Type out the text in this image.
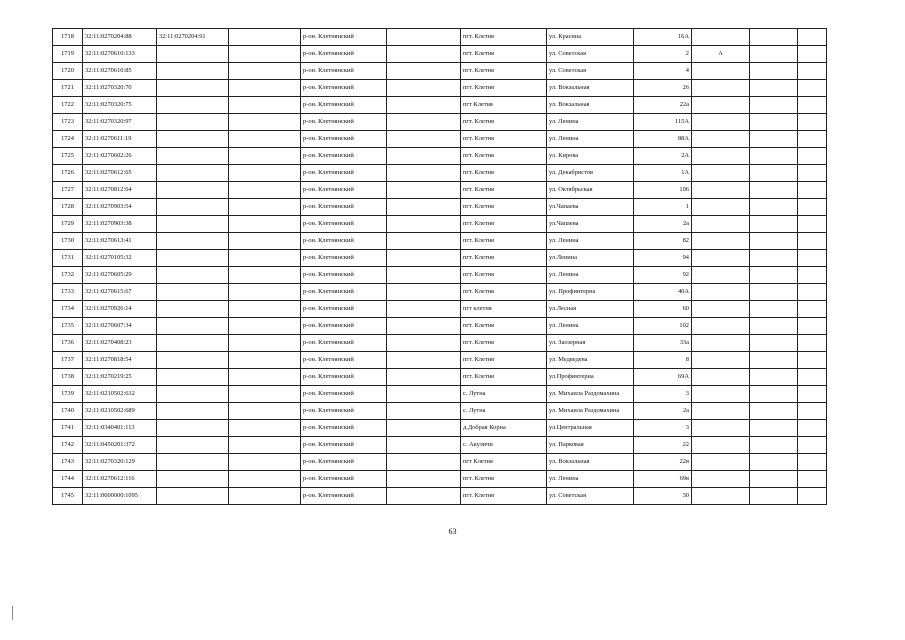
1718	32:11:0270204:88	32:11:0270204:91		р-он. Клетнянский		пгт. Клетня	ул. Красина	16А			
1719	32:11:0270610:133			р-он. Клетнянский		пгт. Клетня	ул. Советская	2	А		
1720	32:11:0270610:85			р-он. Клетнянский		пгт. Клетня	ул. Советская	4			
1721	32:11:0270320:70			р-он. Клетнянский		пгт. Клетня	ул. Вокзальная	26			
1722	32:11:0270320:75			р-он. Клетнянский		пгт Клетня	ул. Вокзальная	22а			
1723	32:11:0270320:97			р-он. Клетнянский		пгт. Клетня	ул. Ленина	115А			
1724	32:11:0270611:19			р-он. Клетнянский		пгт. Клетня	ул. Ленина	88А			
1725	32:11:0270602:26			р-он. Клетнянский		пгт. Клетня	ул. Кирова	2А			
1726	32:11:0270612:65			р-он. Клетнянский		пгт. Клетня	ул. Декабристов	1А			
1727	32:11:0270812:64			р-он. Клетнянский		пгт. Клетня	ул. Октябрьская	106			
1728	32:11:0270903:54			р-он. Клетнянский		пгт. Клетня	ул.Чапаева	1			
1729	32:11:0270903:38			р-он. Клетнянский		пгт. Клетня	ул.Чапаева	2а			
1730	32:11:0270613:41			р-он. Клетнянский		пгт. Клетня	ул. Ленина	82			
1731	32:11:0270105:32			р-он. Клетнянский		пгт. Клетня	ул.Ленина	94			
1732	32:11:0270605:29			р-он. Клетнянский		пгт. Клетня	ул. Ленина	92			
1733	32:11:0270615:67			р-он. Клетнянский		пгт. Клетня	ул. Профинтерна	40А			
1734	32:11:0270926:14			р-он. Клетнянский		пгт клетня	ул.Лесная	60			
1735	32:11:0270607:34			р-он. Клетнянский		пгт. Клетня	ул. Ленина	102			
1736	32:11:0270408:23			р-он. Клетнянский		пгт. Клетня	ул. Заозерная	33а			
1737	32:11:0270818:54			р-он. Клетнянский		пгт. Клетня	ул. Медведева	8			
1738	32:11:0270219:25			р-он. Клетнянский		пгт. Клетня	ул.Профинтерна	69А			
1739	32:11:0210502:632			р-он. Клетнянский		с. Лутна	ул. Михаила Раздомахина	3			
1740	32:11:0210502:689			р-он. Клетнянский		с. Лутна	ул. Михаила Раздомахина	2а			
1741	32:11:0340401:113			р-он. Клетнянский		д.Добрая Корна	ул.Центральная	3			
1742	32:11:0450201:372			р-он. Клетнянский		с. Акуличи	ул. Парковая	22			
1743	32:11:0270320:129			р-он. Клетнянский		пгт Клетня	ул. Вокзальная	22в			
1744	32:11:0270612:116			р-он. Клетнянский		пгт. Клетня	ул. Ленина	69в			
1745	32:11:0000000:1095			р-он. Клетнянский		пгт. Клетня	ул. Советская	30			
63
